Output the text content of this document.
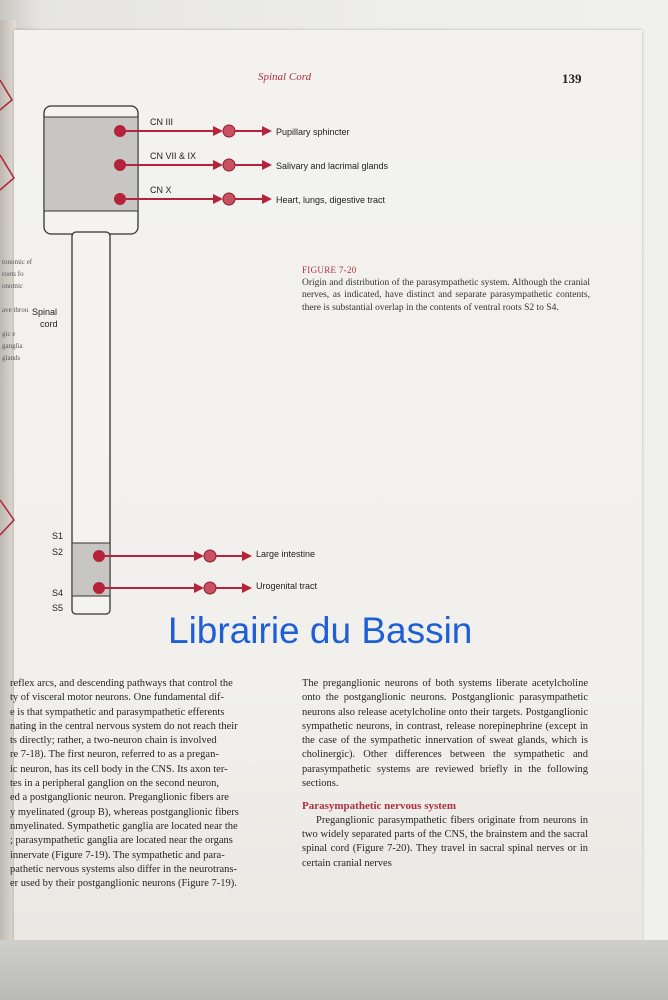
tonomic ef
roots fo
onomic
ave throu
gic e
ganglia
glands
Spinal Cord	139
Spinal
cord
S1
S2
S4
S5
CN III
CN VII & IX
CN X
Pupillary sphincter
Salivary and lacrimal glands
Heart, lungs, digestive tract
Large intestine
Urogenital tract
FIGURE 7-20
Origin and distribution of the parasympathetic system. Although the cranial nerves, as indicated, have distinct and separate parasympathetic contents, there is substantial overlap in the contents of ventral roots S2 to S4.
Librairie du Bassin

reflex arcs, and descending pathways that control the

ty of visceral motor neurons. One fundamental dif-

e is that sympathetic and parasympathetic efferents

nating in the central nervous system do not reach their

ts directly; rather, a two-neuron chain is involved

re 7-18). The first neuron, referred to as a pregan-

ic neuron, has its cell body in the CNS. Its axon ter-

tes in a peripheral ganglion on the second neuron,

ed a postganglionic neuron. Preganglionic fibers are

y myelinated (group B), whereas postganglionic fibers

nmyelinated. Sympathetic ganglia are located near the

; parasympathetic ganglia are located near the organs

innervate (Figure 7-19). The sympathetic and para-

pathetic nervous systems also differ in the neurotrans-

er used by their postganglionic neurons (Figure 7-19).

The preganglionic neurons of both systems liberate acetylcholine onto the postganglionic neurons. Postganglionic parasympathetic neurons also release acetylcholine onto their targets. Postganglionic sympathetic neurons, in contrast, release norepinephrine (except in the case of the sympathetic innervation of sweat glands, which is cholinergic). Other differences between the sympathetic and parasympathetic systems are reviewed briefly in the following sections.

Parasympathetic nervous system

Preganglionic parasympathetic fibers originate from neurons in two widely separated parts of the CNS, the brainstem and the sacral spinal cord (Figure 7-20). They travel in sacral spinal nerves or in certain cranial nerves
